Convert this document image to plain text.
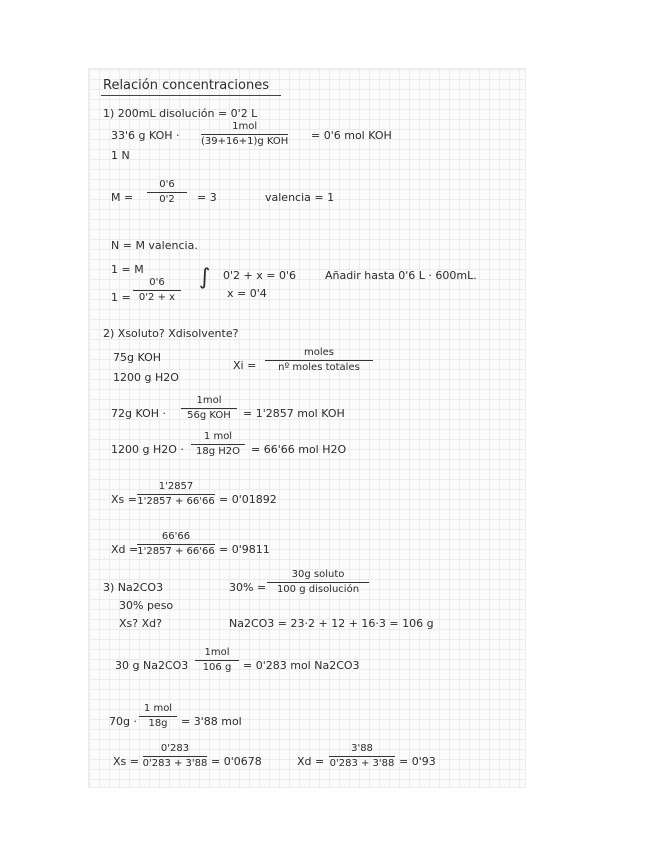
Relación concentraciones
1) 200mL disolución = 0'2 L
33'6 g KOH ·
1mol
(39+16+1)g KOH = 0'6 mol KOH
1 N
M =
0'6
0'2 = 3	valencia = 1
N = M valencia.
1 = M
1 =
0'6
0'2 + x
∫ 0'2 + x = 0'6
x = 0'4
Añadir hasta 0'6 L · 600mL.
2) Xsoluto? Xdisolvente?
75g KOH
1200 g H2O
Xi =
moles
nº moles totales
72g KOH ·
1mol
56g KOH = 1'2857 mol KOH
1200 g H2O ·
1 mol
18g H2O = 66'66 mol H2O
Xs =
1'2857
1'2857 + 66'66 = 0'01892
Xd =
66'66
1'2857 + 66'66 = 0'9811
3) Na2CO3
30% peso
30% =
30g soluto
100 g disolución
Xs? Xd?	Na2CO3 = 23·2 + 12 + 16·3 = 106 g
30 g Na2CO3
1mol
106 g = 0'283 mol Na2CO3
70g ·
1 mol
18g = 3'88 mol
Xs =
0'283
0'283 + 3'88 = 0'0678	Xd =
3'88
0'283 + 3'88 = 0'93
